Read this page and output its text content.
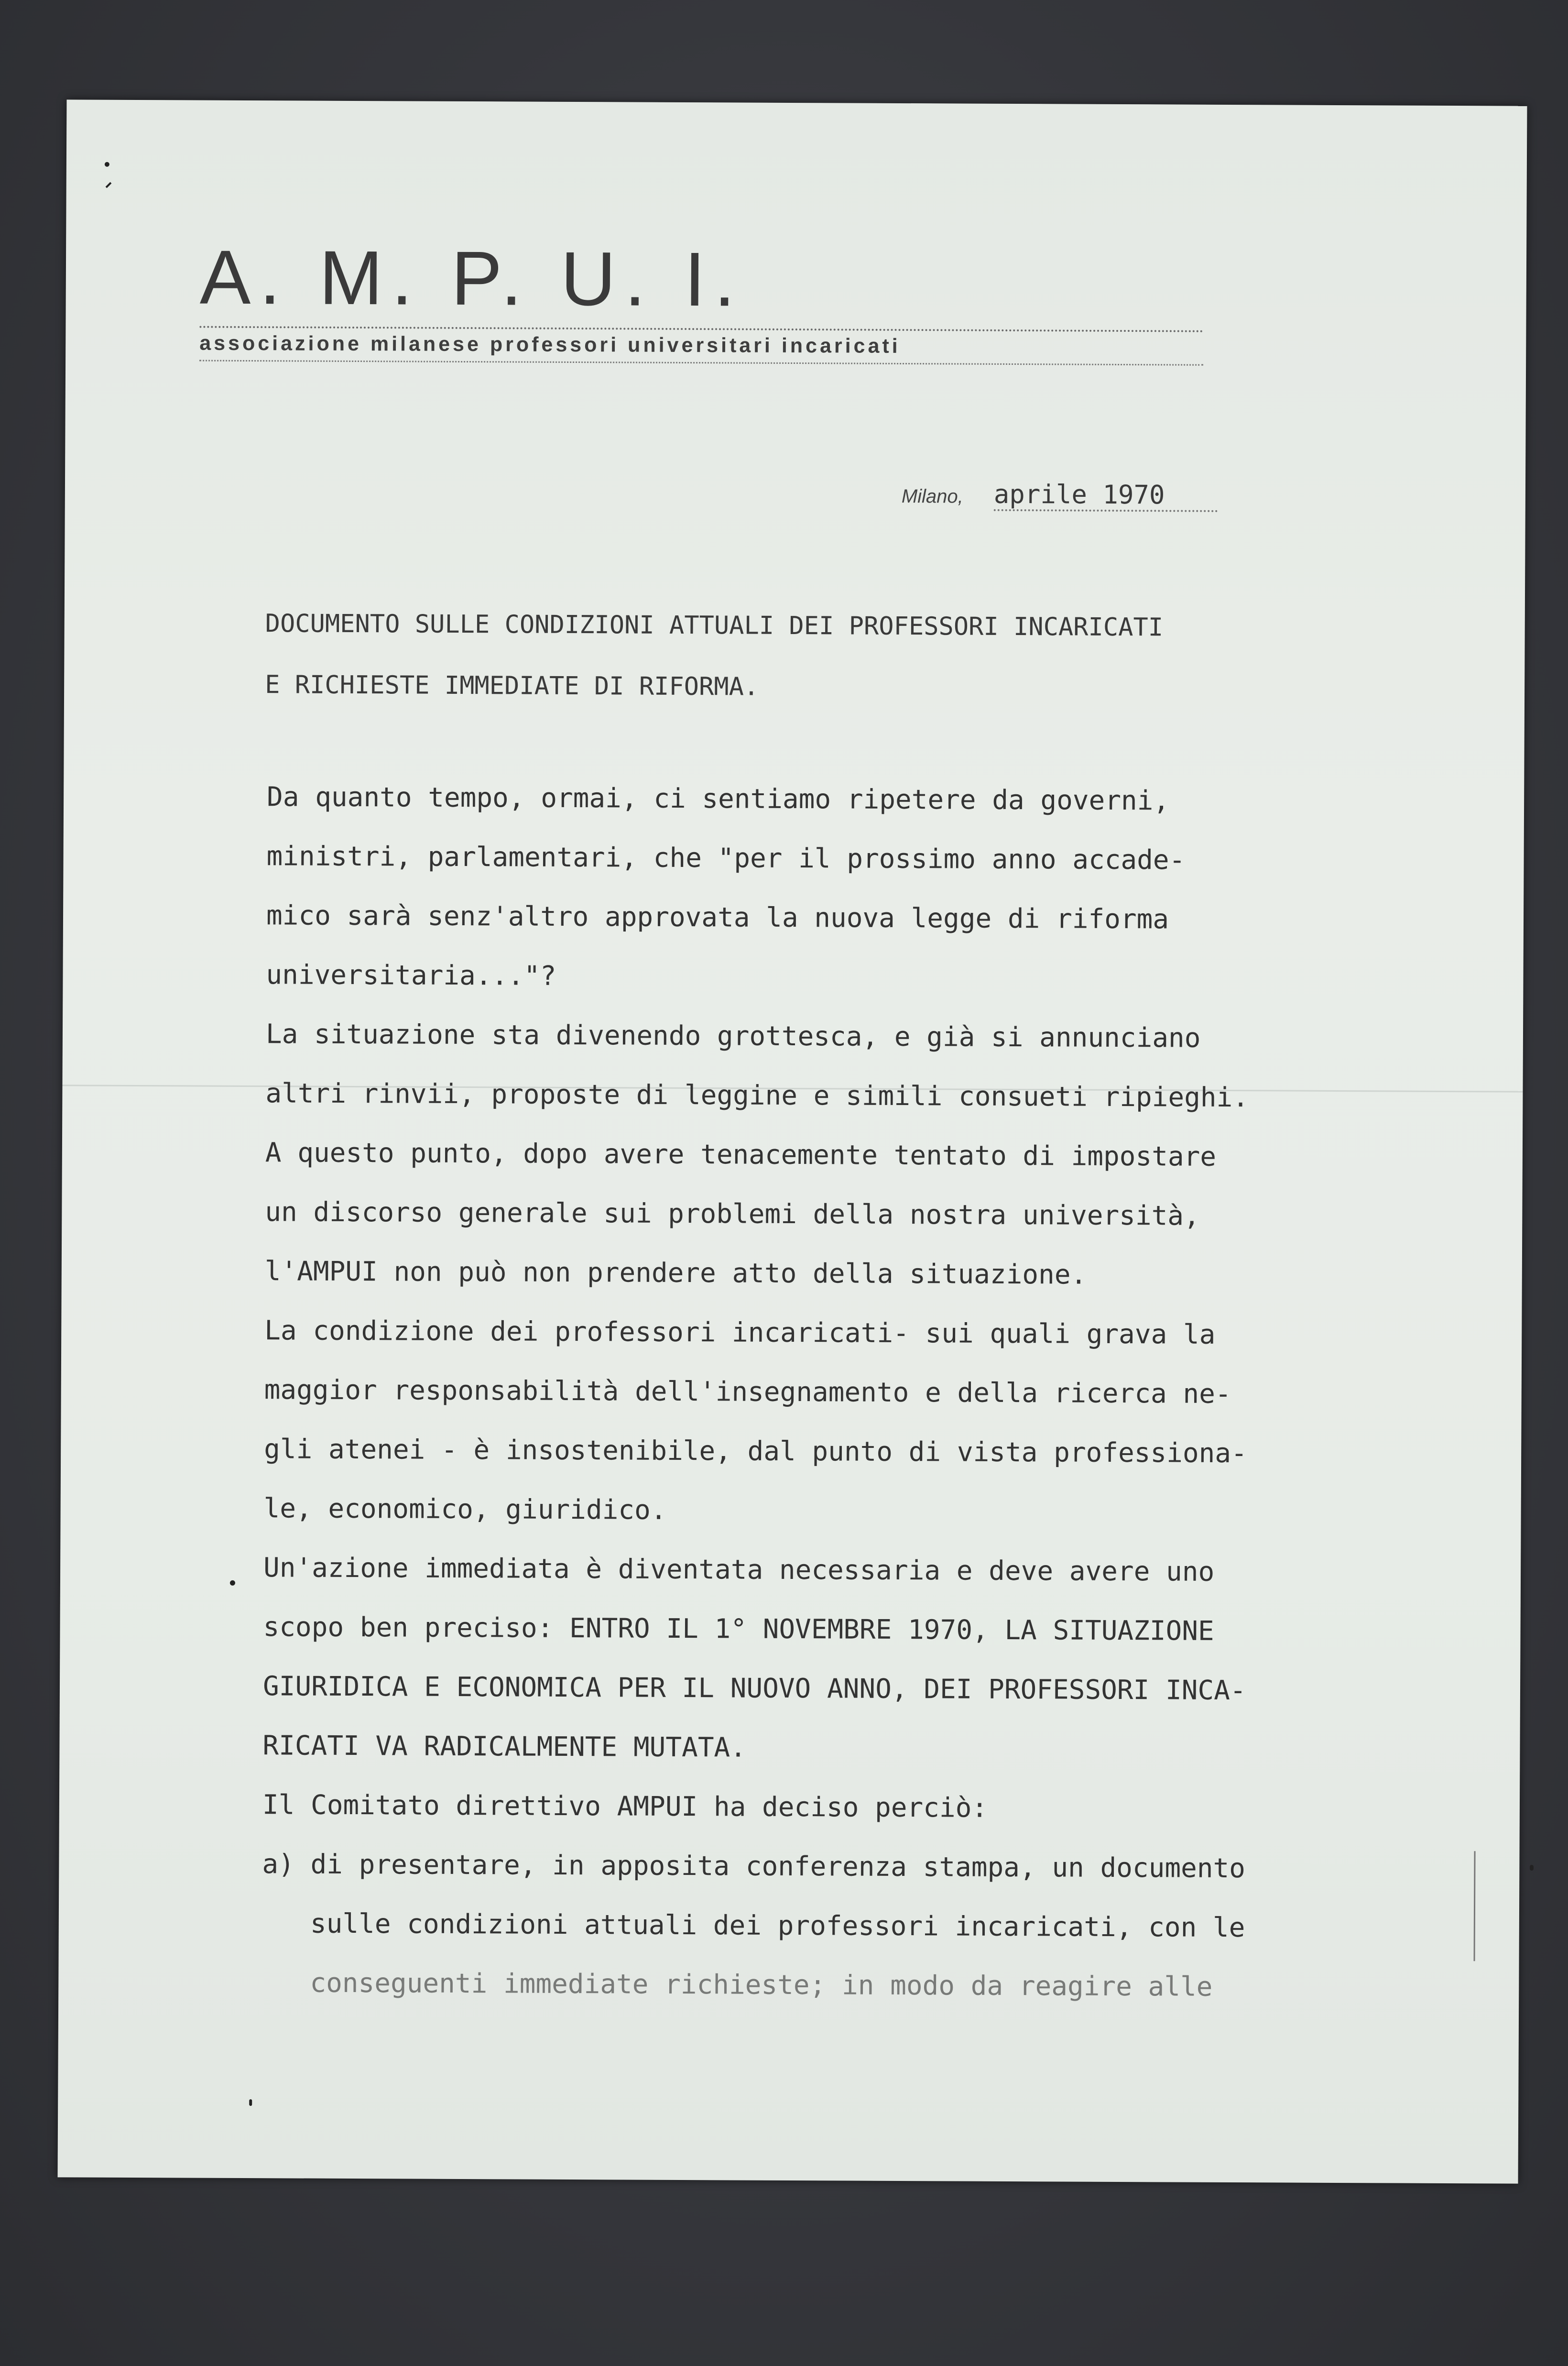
A. M. P. U. I.
associazione milanese professori universitari incaricati
Milano, aprile 1970
DOCUMENTO SULLE CONDIZIONI ATTUALI DEI PROFESSORI INCARICATI
E RICHIESTE IMMEDIATE DI RIFORMA.
Da quanto tempo, ormai, ci sentiamo ripetere da governi,
ministri, parlamentari, che "per il prossimo anno accade-
mico sarà senz'altro approvata la nuova legge di riforma
universitaria..."?
La situazione sta divenendo grottesca, e già si annunciano
altri rinvii, proposte di leggine e simili consueti ripieghi.
A questo punto, dopo avere tenacemente tentato di impostare
un discorso generale sui problemi della nostra università,
l'AMPUI non può non prendere atto della situazione.
La condizione dei professori incaricati- sui quali grava la
maggior responsabilità dell'insegnamento e della ricerca ne-
gli atenei - è insostenibile, dal punto di vista professiona-
le, economico, giuridico.
Un'azione immediata è diventata necessaria e deve avere uno
scopo ben preciso: ENTRO IL 1° NOVEMBRE 1970, LA SITUAZIONE
GIURIDICA E ECONOMICA PER IL NUOVO ANNO, DEI PROFESSORI INCA-
RICATI VA RADICALMENTE MUTATA.
Il Comitato direttivo AMPUI ha deciso perciò:
a) di presentare, in apposita conferenza stampa, un documento
sulle condizioni attuali dei professori incaricati, con le
conseguenti immediate richieste; in modo da reagire alle
